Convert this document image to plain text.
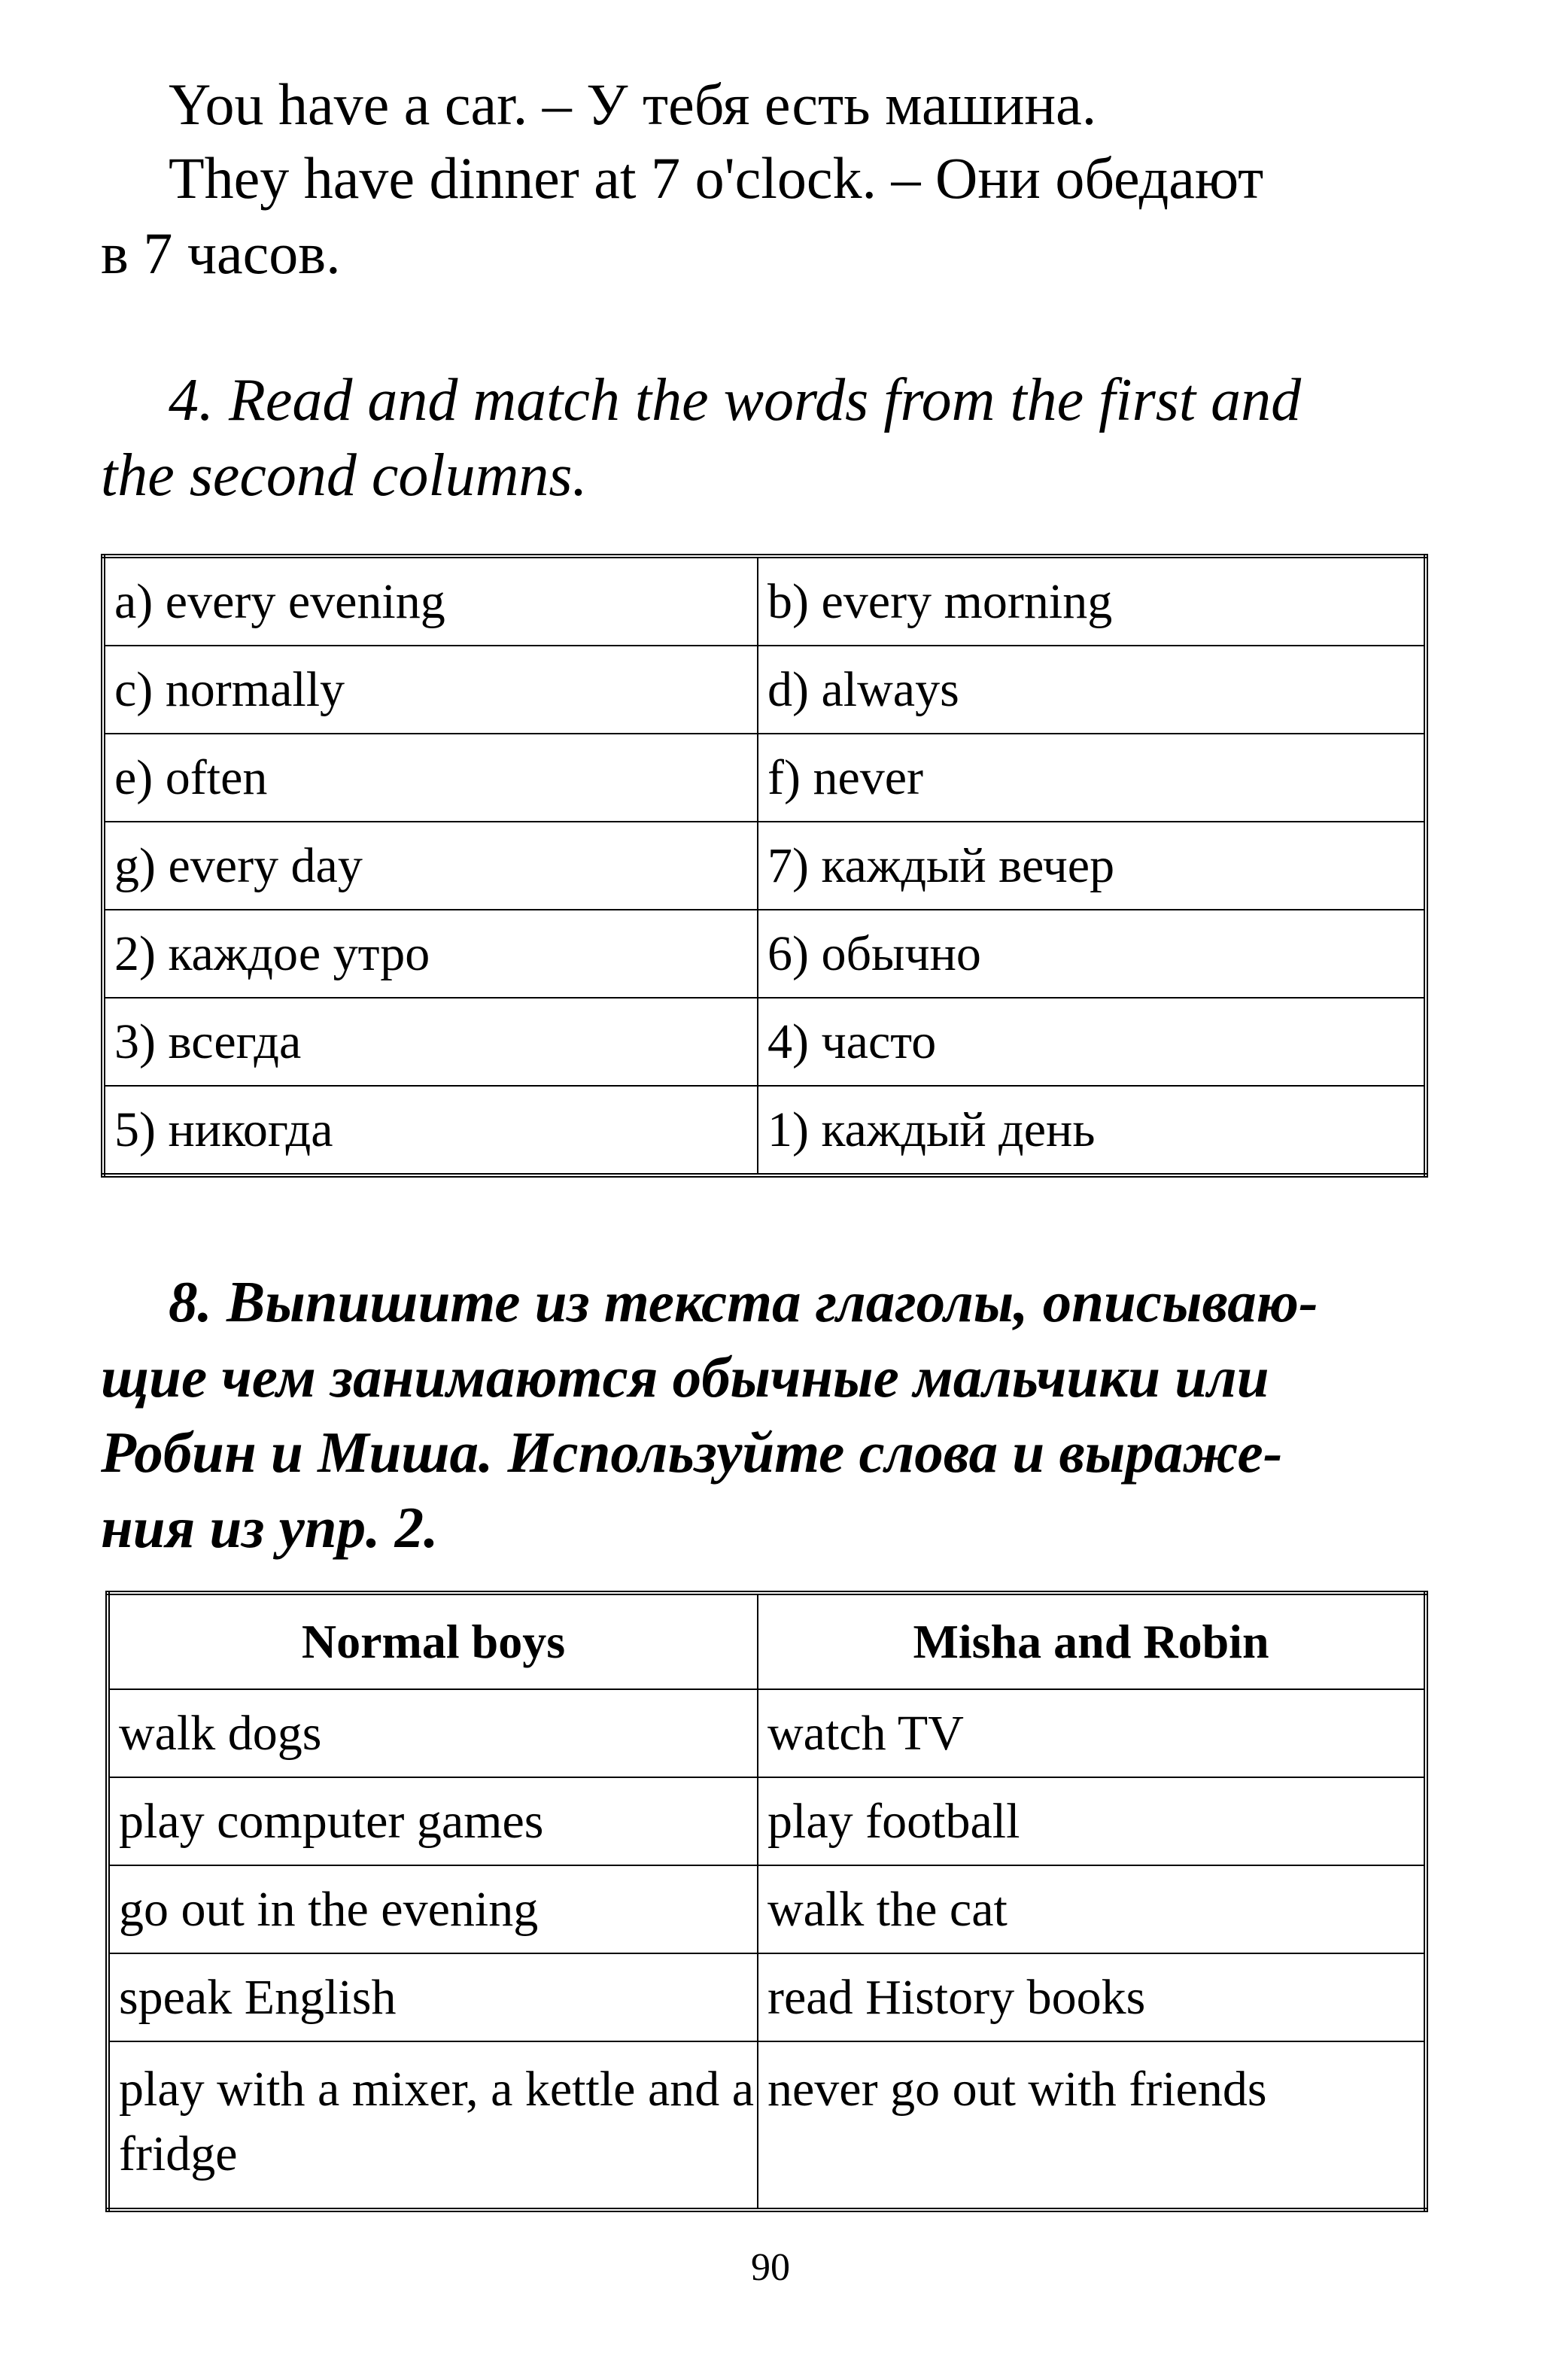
You have a car. – У тебя есть машина.
They have dinner at 7 o'clock. – Они обедают
в 7 часов.
4. Read and match the words from the first and
the second columns.
a) every evening	b) every morning
c) normally	d) always
e) often	f) never
g) every day	7) каждый вечер
2) каждое утро	6) обычно
3) всегда	4) часто
5) никогда	1) каждый день
8. Выпишите из текста глаголы, описываю-
щие чем занимаются обычные мальчики или
Робин и Миша. Используйте слова и выраже-
ния из упр. 2.
Normal boys	Misha and Robin
walk dogs	watch TV
play computer games	play football
go out in the evening	walk the cat
speak English	read History books
play with a mixer, a kettle and a fridge	never go out with friends
90
